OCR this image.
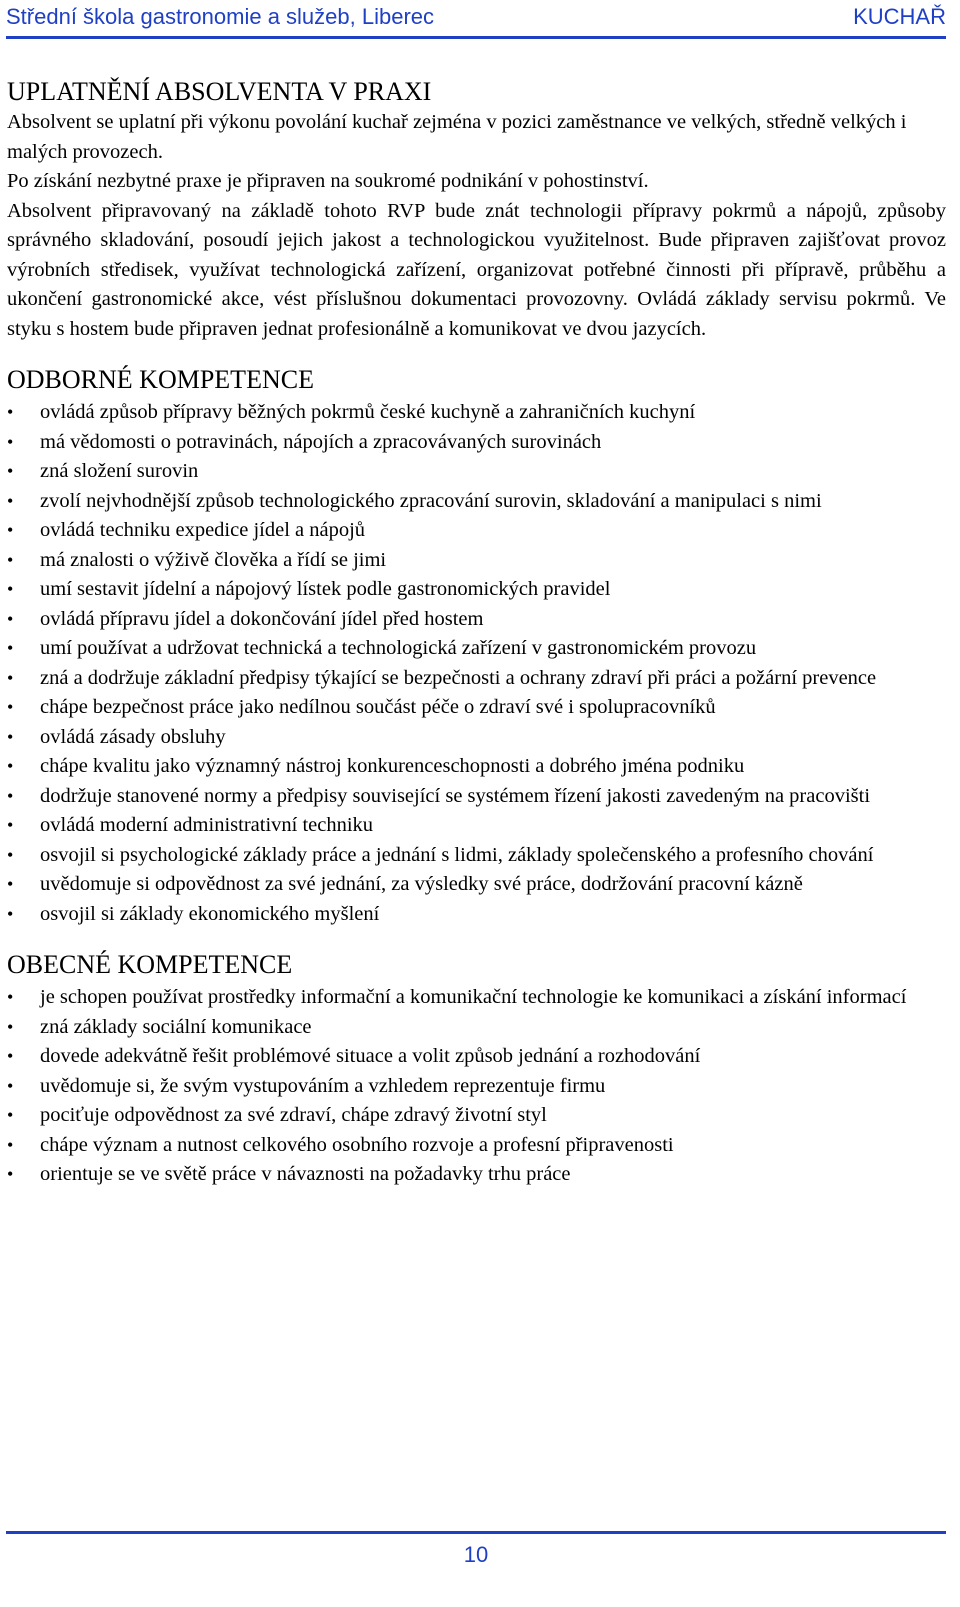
Střední škola gastronomie a služeb, Liberec	KUCHAŘ
UPLATNĚNÍ ABSOLVENTA V PRAXI

Absolvent se uplatní při výkonu povolání kuchař zejména v pozici zaměstnance ve velkých, středně velkých i malých provozech.

Po získání nezbytné praxe je připraven na soukromé podnikání v pohostinství.

Absolvent připravovaný na základě tohoto RVP bude znát technologii přípravy pokrmů a nápojů, způsoby správného skladování, posoudí jejich jakost a technologickou využitelnost. Bude připraven zajišťovat provoz výrobních středisek, využívat technologická zařízení, organizovat potřebné činnosti při přípravě, průběhu a ukončení gastronomické akce, vést příslušnou dokumentaci provozovny. Ovládá základy servisu pokrmů. Ve styku s hostem bude připraven jednat profesionálně a komunikovat ve dvou jazycích.

ODBORNÉ KOMPETENCE
•	ovládá způsob přípravy běžných pokrmů české kuchyně a zahraničních kuchyní
•	má vědomosti o potravinách, nápojích a zpracovávaných surovinách
•	zná složení surovin
•	zvolí nejvhodnější způsob technologického zpracování surovin, skladování a manipulaci s nimi
•	ovládá techniku expedice jídel a nápojů
•	má znalosti o výživě člověka a řídí se jimi
•	umí sestavit jídelní a nápojový lístek podle gastronomických pravidel
•	ovládá přípravu jídel a dokončování jídel před hostem
•	umí používat a udržovat technická a technologická zařízení v gastronomickém provozu
•	zná a dodržuje základní předpisy týkající se bezpečnosti a ochrany zdraví při práci a požární prevence
•	chápe bezpečnost práce jako nedílnou součást péče o zdraví své i spolupracovníků
•	ovládá zásady obsluhy
•	chápe kvalitu jako významný nástroj konkurenceschopnosti a dobrého jména podniku
•	dodržuje stanovené normy a předpisy související se systémem řízení jakosti zavedeným na pracovišti
•	ovládá moderní administrativní techniku
•	osvojil si psychologické základy práce a jednání s lidmi, základy společenského a profesního chování
•	uvědomuje si odpovědnost za své jednání, za výsledky své práce, dodržování pracovní kázně
•	osvojil si základy ekonomického myšlení
OBECNÉ KOMPETENCE
•	je schopen používat prostředky informační a komunikační technologie ke komunikaci a získání informací
•	zná základy sociální komunikace
•	dovede adekvátně řešit problémové situace a volit způsob jednání a rozhodování
•	uvědomuje si, že svým vystupováním a vzhledem reprezentuje firmu
•	pociťuje odpovědnost za své zdraví, chápe zdravý životní styl
•	chápe význam a nutnost celkového osobního rozvoje a profesní připravenosti
•	orientuje se ve světě práce v návaznosti na požadavky trhu práce
10
